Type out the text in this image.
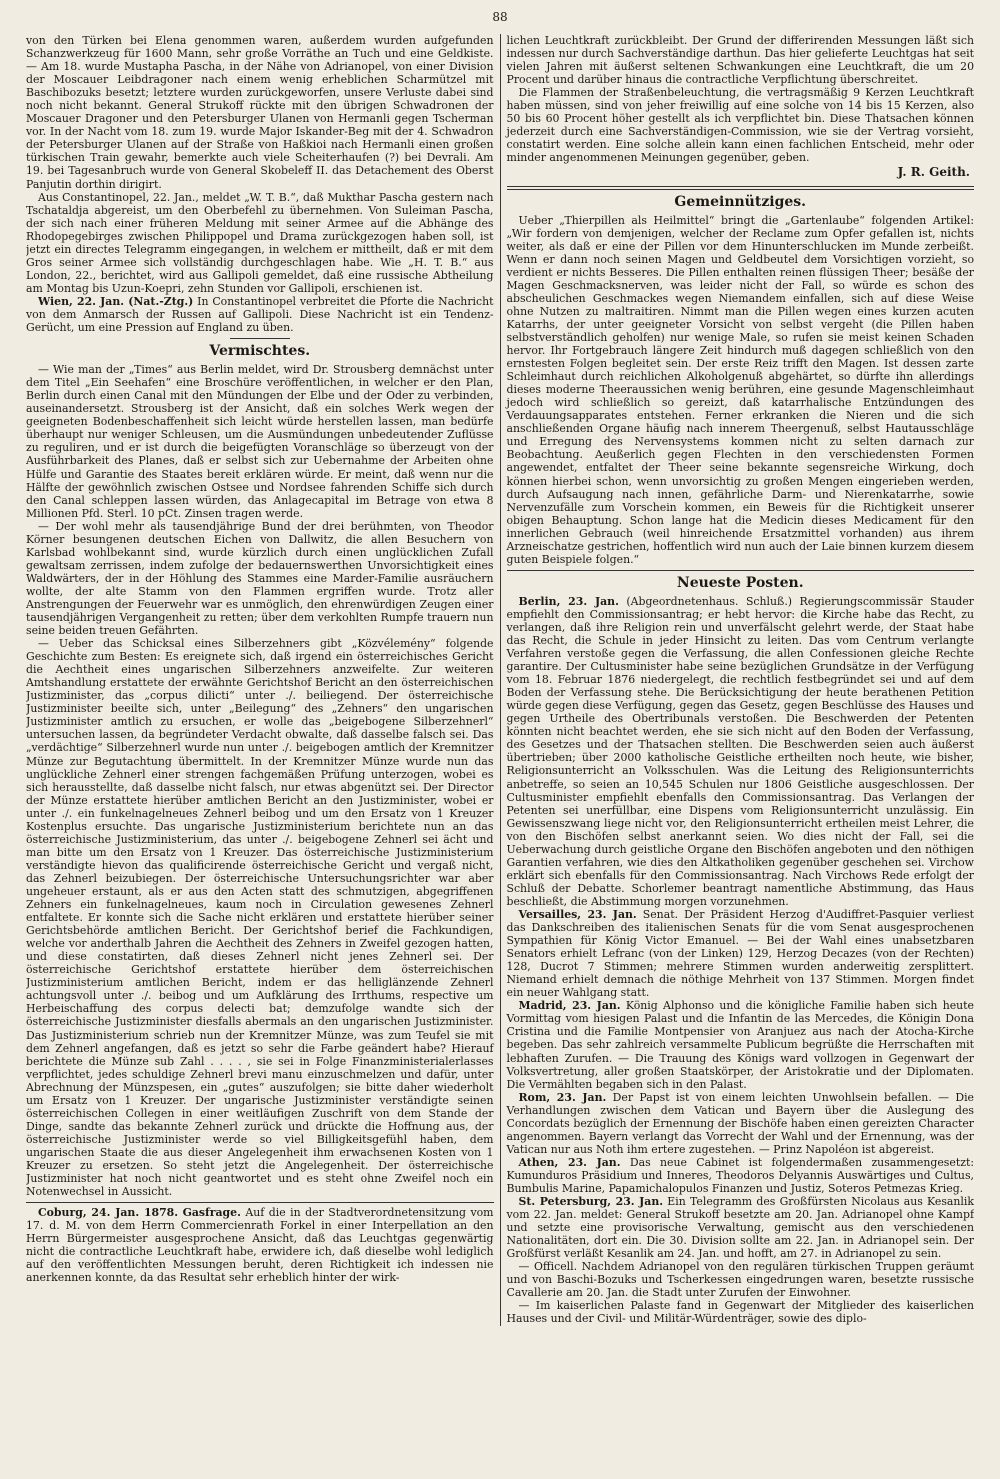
88

von den Türken bei Elena genommen waren, außerdem wurden aufgefunden Schanzwerkzeug für 1600 Mann, sehr große Vorräthe an Tuch und eine Geldkiste. — Am 18. wurde Mustapha Pascha, in der Nähe von Adrianopel, von einer Division der Moscauer Leibdragoner nach einem wenig erheblichen Scharmützel mit Baschibozuks besetzt; letztere wurden zurückgeworfen, unsere Verluste dabei sind noch nicht bekannt. General Strukoff rückte mit den übrigen Schwadronen der Moscauer Dragoner und den Petersburger Ulanen von Hermanli gegen Tscherman vor. In der Nacht vom 18. zum 19. wurde Major Iskander-Beg mit der 4. Schwadron der Petersburger Ulanen auf der Straße von Haßkioi nach Hermanli einen großen türkischen Train gewahr, bemerkte auch viele Scheiterhaufen (?) bei Devrali. Am 19. bei Tagesanbruch wurde von General Skobeleff II. das Detachement des Oberst Panjutin dorthin dirigirt.

Aus Constantinopel, 22. Jan., meldet „W. T. B.“, daß Mukthar Pascha gestern nach Tschataldja abgereist, um den Oberbefehl zu übernehmen. Von Suleiman Pascha, der sich nach einer früheren Meldung mit seiner Armee auf die Abhänge des Rhodopegebirges zwischen Philippopel und Drama zurückgezogen haben soll, ist jetzt ein directes Telegramm eingegangen, in welchem er mittheilt, daß er mit dem Gros seiner Armee sich vollständig durchgeschlagen habe. Wie „H. T. B.“ aus London, 22., berichtet, wird aus Gallipoli gemeldet, daß eine russische Abtheilung am Montag bis Uzun-Koepri, zehn Stunden vor Gallipoli, erschienen ist.

Wien, 22. Jan. (Nat.-Ztg.) In Constantinopel verbreitet die Pforte die Nachricht von dem Anmarsch der Russen auf Gallipoli. Diese Nachricht ist ein Tendenz-Gerücht, um eine Pression auf England zu üben.

Vermischtes.

— Wie man der „Times“ aus Berlin meldet, wird Dr. Strousberg demnächst unter dem Titel „Ein Seehafen“ eine Broschüre veröffentlichen, in welcher er den Plan, Berlin durch einen Canal mit den Mündungen der Elbe und der Oder zu verbinden, auseinandersetzt. Strousberg ist der Ansicht, daß ein solches Werk wegen der geeigneten Bodenbeschaffenheit sich leicht würde herstellen lassen, man bedürfe überhaupt nur weniger Schleusen, um die Ausmündungen unbedeutender Zuflüsse zu reguliren, und er ist durch die beigefügten Voranschläge so überzeugt von der Ausführbarkeit des Planes, daß er selbst sich zur Uebernahme der Arbeiten ohne Hülfe und Garantie des Staates bereit erklären würde. Er meint, daß wenn nur die Hälfte der gewöhnlich zwischen Ostsee und Nordsee fahrenden Schiffe sich durch den Canal schleppen lassen würden, das Anlagecapital im Betrage von etwa 8 Millionen Pfd. Sterl. 10 pCt. Zinsen tragen werde.

— Der wohl mehr als tausendjährige Bund der drei berühmten, von Theodor Körner besungenen deutschen Eichen von Dallwitz, die allen Besuchern von Karlsbad wohlbekannt sind, wurde kürzlich durch einen unglücklichen Zufall gewaltsam zerrissen, indem zufolge der bedauernswerthen Unvorsichtigkeit eines Waldwärters, der in der Höhlung des Stammes eine Marder-Familie ausräuchern wollte, der alte Stamm von den Flammen ergriffen wurde. Trotz aller Anstrengungen der Feuerwehr war es unmöglich, den ehrenwürdigen Zeugen einer tausendjährigen Vergangenheit zu retten; über dem verkohlten Rumpfe trauern nun seine beiden treuen Gefährten.

— Ueber das Schicksal eines Silberzehners gibt „Közvélemény“ folgende Geschichte zum Besten: Es ereignete sich, daß irgend ein österreichisches Gericht die Aechtheit eines ungarischen Silberzehners anzweifelte. Zur weiteren Amtshandlung erstattete der erwähnte Gerichtshof Bericht an den österreichischen Justizminister, das „corpus dilicti“ unter ./. beiliegend. Der österreichische Justizminister beeilte sich, unter „Beilegung“ des „Zehners“ den ungarischen Justizminister amtlich zu ersuchen, er wolle das „beigebogene Silberzehnerl“ untersuchen lassen, da begründeter Verdacht obwalte, daß dasselbe falsch sei. Das „verdächtige“ Silberzehnerl wurde nun unter ./. beigebogen amtlich der Kremnitzer Münze zur Begutachtung übermittelt. In der Kremnitzer Münze wurde nun das unglückliche Zehnerl einer strengen fachgemäßen Prüfung unterzogen, wobei es sich herausstellte, daß dasselbe nicht falsch, nur etwas abgenützt sei. Der Director der Münze erstattete hierüber amtlichen Bericht an den Justizminister, wobei er unter ./. ein funkelnagelneues Zehnerl beibog und um den Ersatz von 1 Kreuzer Kostenplus ersuchte. Das ungarische Justizministerium berichtete nun an das österreichische Justizministerium, das unter ./. beigebogene Zehnerl sei ächt und man bitte um den Ersatz von 1 Kreuzer. Das österreichische Justizministerium verständigte hievon das qualificirende österreichische Gericht und vergaß nicht, das Zehnerl beizubiegen. Der österreichische Untersuchungsrichter war aber ungeheuer erstaunt, als er aus den Acten statt des schmutzigen, abgegriffenen Zehners ein funkelnagelneues, kaum noch in Circulation gewesenes Zehnerl entfaltete. Er konnte sich die Sache nicht erklären und erstattete hierüber seiner Gerichtsbehörde amtlichen Bericht. Der Gerichtshof berief die Fachkundigen, welche vor anderthalb Jahren die Aechtheit des Zehners in Zweifel gezogen hatten, und diese constatirten, daß dieses Zehnerl nicht jenes Zehnerl sei. Der österreichische Gerichtshof erstattete hierüber dem österreichischen Justizministerium amtlichen Bericht, indem er das helliglänzende Zehnerl achtungsvoll unter ./. beibog und um Aufklärung des Irrthums, respective um Herbeischaffung des corpus delecti bat; demzufolge wandte sich der österreichische Justizminister diesfalls abermals an den ungarischen Justizminister. Das Justizministerium schrieb nun der Kremnitzer Münze, was zum Teufel sie mit dem Zehnerl angefangen, daß es jetzt so sehr die Farbe geändert habe? Hierauf berichtete die Münze sub Zahl . . . . , sie sei in Folge Finanzministerialerlasses verpflichtet, jedes schuldige Zehnerl brevi manu einzuschmelzen und dafür, unter Abrechnung der Münzspesen, ein „gutes“ auszufolgen; sie bitte daher wiederholt um Ersatz von 1 Kreuzer. Der ungarische Justizminister verständigte seinen österreichischen Collegen in einer weitläufigen Zuschrift von dem Stande der Dinge, sandte das bekannte Zehnerl zurück und drückte die Hoffnung aus, der österreichische Justizminister werde so viel Billigkeitsgefühl haben, dem ungarischen Staate die aus dieser Angelegenheit ihm erwachsenen Kosten von 1 Kreuzer zu ersetzen. So steht jetzt die Angelegenheit. Der österreichische Justizminister hat noch nicht geantwortet und es steht ohne Zweifel noch ein Notenwechsel in Aussicht.

Coburg, 24. Jan. 1878. Gasfrage. Auf die in der Stadtverordnetensitzung vom 17. d. M. von dem Herrn Commercienrath Forkel in einer Interpellation an den Herrn Bürgermeister ausgesprochene Ansicht, daß das Leuchtgas gegenwärtig nicht die contractliche Leuchtkraft habe, erwidere ich, daß dieselbe wohl lediglich auf den veröffentlichten Messungen beruht, deren Richtigkeit ich indessen nie anerkennen konnte, da das Resultat sehr erheblich hinter der wirk-

lichen Leuchtkraft zurückbleibt. Der Grund der differirenden Messungen läßt sich indessen nur durch Sachverständige darthun. Das hier gelieferte Leuchtgas hat seit vielen Jahren mit äußerst seltenen Schwankungen eine Leuchtkraft, die um 20 Procent und darüber hinaus die contractliche Verpflichtung überschreitet.

Die Flammen der Straßenbeleuchtung, die vertragsmäßig 9 Kerzen Leuchtkraft haben müssen, sind von jeher freiwillig auf eine solche von 14 bis 15 Kerzen, also 50 bis 60 Procent höher gestellt als ich verpflichtet bin. Diese Thatsachen können jederzeit durch eine Sachverständigen-Commission, wie sie der Vertrag vorsieht, constatirt werden. Eine solche allein kann einen fachlichen Entscheid, mehr oder minder angenommenen Meinungen gegenüber, geben.

J. R. Geith.
Gemeinnütziges.

Ueber „Thierpillen als Heilmittel“ bringt die „Gartenlaube“ folgenden Artikel: „Wir fordern von demjenigen, welcher der Reclame zum Opfer gefallen ist, nichts weiter, als daß er eine der Pillen vor dem Hinunterschlucken im Munde zerbeißt. Wenn er dann noch seinen Magen und Geldbeutel dem Vorsichtigen vorzieht, so verdient er nichts Besseres. Die Pillen enthalten reinen flüssigen Theer; besäße der Magen Geschmacksnerven, was leider nicht der Fall, so würde es schon des abscheulichen Geschmackes wegen Niemandem einfallen, sich auf diese Weise ohne Nutzen zu maltraitiren. Nimmt man die Pillen wegen eines kurzen acuten Katarrhs, der unter geeigneter Vorsicht von selbst vergeht (die Pillen haben selbstverständlich geholfen) nur wenige Male, so rufen sie meist keinen Schaden hervor. Ihr Fortgebrauch längere Zeit hindurch muß dagegen schließlich von den ernstesten Folgen begleitet sein. Der erste Reiz trifft den Magen. Ist dessen zarte Schleimhaut durch reichlichen Alkoholgenuß abgehärtet, so dürfte ihn allerdings dieses moderne Theeraussichen wenig berühren, eine gesunde Magenschleimhaut jedoch wird schließlich so gereizt, daß katarrhalische Entzündungen des Verdauungsapparates entstehen. Ferner erkranken die Nieren und die sich anschließenden Organe häufig nach innerem Theergenuß, selbst Hautausschläge und Erregung des Nervensystems kommen nicht zu selten darnach zur Beobachtung. Aeußerlich gegen Flechten in den verschiedensten Formen angewendet, entfaltet der Theer seine bekannte segensreiche Wirkung, doch können hierbei schon, wenn unvorsichtig zu großen Mengen eingerieben werden, durch Aufsaugung nach innen, gefährliche Darm- und Nierenkatarrhe, sowie Nervenzufälle zum Vorschein kommen, ein Beweis für die Richtigkeit unserer obigen Behauptung. Schon lange hat die Medicin dieses Medicament für den innerlichen Gebrauch (weil hinreichende Ersatzmittel vorhanden) aus ihrem Arzneischatze gestrichen, hoffentlich wird nun auch der Laie binnen kurzem diesem guten Beispiele folgen.“

Neueste Posten.

Berlin, 23. Jan. (Abgeordnetenhaus. Schluß.) Regierungscommissär Stauder empfiehlt den Commissionsantrag; er hebt hervor: die Kirche habe das Recht, zu verlangen, daß ihre Religion rein und unverfälscht gelehrt werde, der Staat habe das Recht, die Schule in jeder Hinsicht zu leiten. Das vom Centrum verlangte Verfahren verstoße gegen die Verfassung, die allen Confessionen gleiche Rechte garantire. Der Cultusminister habe seine bezüglichen Grundsätze in der Verfügung vom 18. Februar 1876 niedergelegt, die rechtlich festbegründet sei und auf dem Boden der Verfassung stehe. Die Berücksichtigung der heute berathenen Petition würde gegen diese Verfügung, gegen das Gesetz, gegen Beschlüsse des Hauses und gegen Urtheile des Obertribunals verstoßen. Die Beschwerden der Petenten könnten nicht beachtet werden, ehe sie sich nicht auf den Boden der Verfassung, des Gesetzes und der Thatsachen stellten. Die Beschwerden seien auch äußerst übertrieben; über 2000 katholische Geistliche ertheilten noch heute, wie bisher, Religionsunterricht an Volksschulen. Was die Leitung des Religionsunterrichts anbetreffe, so seien an 10,545 Schulen nur 1806 Geistliche ausgeschlossen. Der Cultusminister empfiehlt ebenfalls den Commissionsantrag. Das Verlangen der Petenten sei unerfüllbar, eine Dispens vom Religionsunterricht unzulässig. Ein Gewissenszwang liege nicht vor, den Religionsunterricht ertheilen meist Lehrer, die von den Bischöfen selbst anerkannt seien. Wo dies nicht der Fall, sei die Ueberwachung durch geistliche Organe den Bischöfen angeboten und den nöthigen Garantien verfahren, wie dies den Altkatholiken gegenüber geschehen sei. Virchow erklärt sich ebenfalls für den Commissionsantrag. Nach Virchows Rede erfolgt der Schluß der Debatte. Schorlemer beantragt namentliche Abstimmung, das Haus beschließt, die Abstimmung morgen vorzunehmen.

Versailles, 23. Jan. Senat. Der Präsident Herzog d'Audiffret-Pasquier verliest das Dankschreiben des italienischen Senats für die vom Senat ausgesprochenen Sympathien für König Victor Emanuel. — Bei der Wahl eines unabsetzbaren Senators erhielt Lefranc (von der Linken) 129, Herzog Decazes (von der Rechten) 128, Ducrot 7 Stimmen; mehrere Stimmen wurden anderweitig zersplittert. Niemand erhielt demnach die nöthige Mehrheit von 137 Stimmen. Morgen findet ein neuer Wahlgang statt.

Madrid, 23. Jan. König Alphonso und die königliche Familie haben sich heute Vormittag vom hiesigen Palast und die Infantin de las Mercedes, die Königin Dona Cristina und die Familie Montpensier von Aranjuez aus nach der Atocha-Kirche begeben. Das sehr zahlreich versammelte Publicum begrüßte die Herrschaften mit lebhaften Zurufen. — Die Trauung des Königs ward vollzogen in Gegenwart der Volksvertretung, aller großen Staatskörper, der Aristokratie und der Diplomaten. Die Vermählten begaben sich in den Palast.

Rom, 23. Jan. Der Papst ist von einem leichten Unwohlsein befallen. — Die Verhandlungen zwischen dem Vatican und Bayern über die Auslegung des Concordats bezüglich der Ernennung der Bischöfe haben einen gereizten Character angenommen. Bayern verlangt das Vorrecht der Wahl und der Ernennung, was der Vatican nur aus Noth ihm ertere zugestehen. — Prinz Napoléon ist abgereist.

Athen, 23. Jan. Das neue Cabinet ist folgendermaßen zusammengesetzt: Kumunduros Präsidium und Inneres, Theodoros Delyannis Auswärtiges und Cultus, Bumbulis Marine, Papamichalopulos Finanzen und Justiz, Soteros Petmezas Krieg.

St. Petersburg, 23. Jan. Ein Telegramm des Großfürsten Nicolaus aus Kesanlik vom 22. Jan. meldet: General Strukoff besetzte am 20. Jan. Adrianopel ohne Kampf und setzte eine provisorische Verwaltung, gemischt aus den verschiedenen Nationalitäten, dort ein. Die 30. Division sollte am 22. Jan. in Adrianopel sein. Der Großfürst verläßt Kesanlik am 24. Jan. und hofft, am 27. in Adrianopel zu sein.

— Officell. Nachdem Adrianopel von den regulären türkischen Truppen geräumt und von Baschi-Bozuks und Tscherkessen eingedrungen waren, besetzte russische Cavallerie am 20. Jan. die Stadt unter Zurufen der Einwohner.

— Im kaiserlichen Palaste fand in Gegenwart der Mitglieder des kaiserlichen Hauses und der Civil- und Militär-Würdenträger, sowie des diplo-
